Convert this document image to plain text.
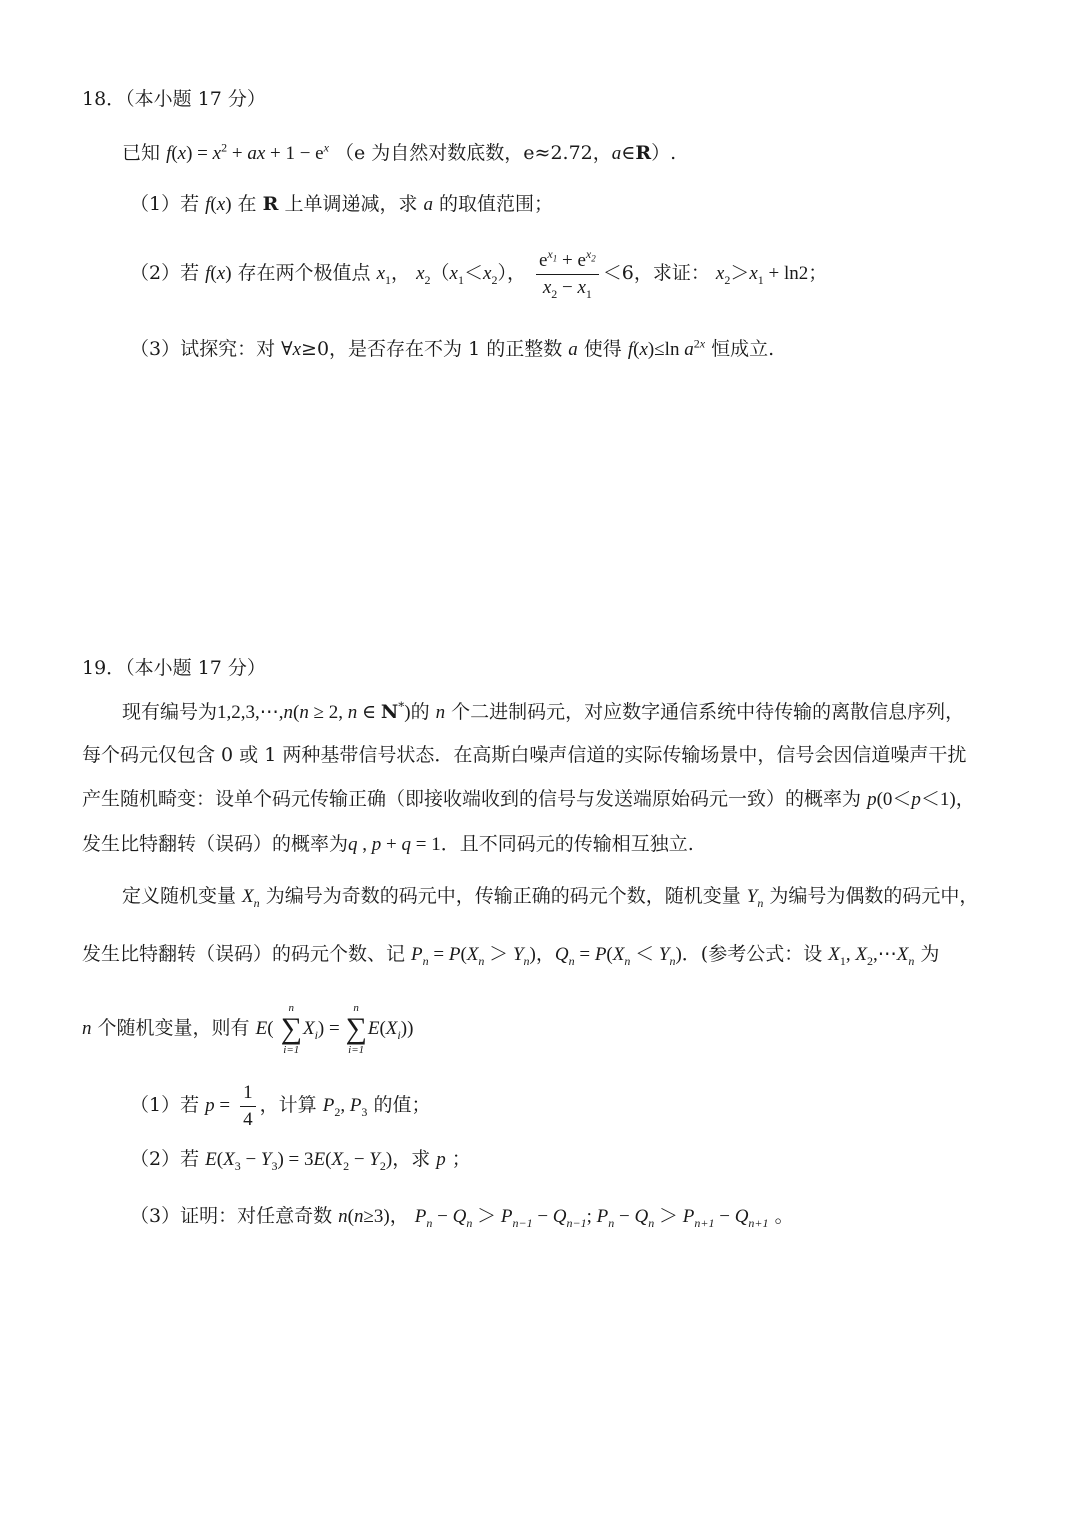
18．（本小题 17 分）
已知 $f(x) = x^2$ + ax + $1 - e^x$ （e 为自然对数底数，e≈2.72，a∈R）.
（1）若 f(x) 在 R 上单调递减，求 a 的取值范围；
（2）若 f(x) 存在两个极值点 $x_1$， $x_2(x_1<x_2)$， $\frac{e^{x_1} + e^{x_2}}{x_2 - x_1} <6$，求证： $x_2>x_1 + \ln 2$；
（3）试探究：对 ∀x≥0，是否存在不为 1 的正整数 a 使得 f(x)≤ln $a^{2x}$ 恒成立.
19．（本小题 17 分）
现有编号为1,2,3,⋯,n(n ≥ 2, n ∈ N*)的 n 个二进制码元，对应数字通信系统中待传输的离散信息序列，
每个码元仅包含 0 或 1 两种基带信号状态．在高斯白噪声信道的实际传输场景中，信号会因信道噪声干扰
产生随机畸变：设单个码元传输正确（即接收端收到的信号与发送端原始码元一致）的概率为 p(0＜p＜1)，
发生比特翻转（误码）的概率为q , p + q = 1．且不同码元的传输相互独立.
定义随机变量 $X_n$ 为编号为奇数的码元中，传输正确的码元个数，随机变量 $Y_n$ 为编号为偶数的码元中，
发生比特翻转（误码）的码元个数、记 $P_n = P(X_n > Y_n)$，$Q_n = P(X_n < Y_n)$．(参考公式：设 $X_1$, $X_2,\cdots X_n$ 为
n 个随机变量，则有 E(
n
∑
i=1
$X_i$) =
n
∑
i=1
$E(X_i)$)
（1）若 $p = \frac{1}{4}$ ，计算 $P_2$, $P_3$ 的值；
（2）若 $E(X_3 - Y_3) = 3E(X_2 - Y_2)$，求 p ；
（3）证明：对任意奇数 n(n≥3)， $P_n - Q_n > P_{n-1} - Q_{n-1}$; $P_n - Q_n > P_{n+1} - Q_{n+1}$ 。
